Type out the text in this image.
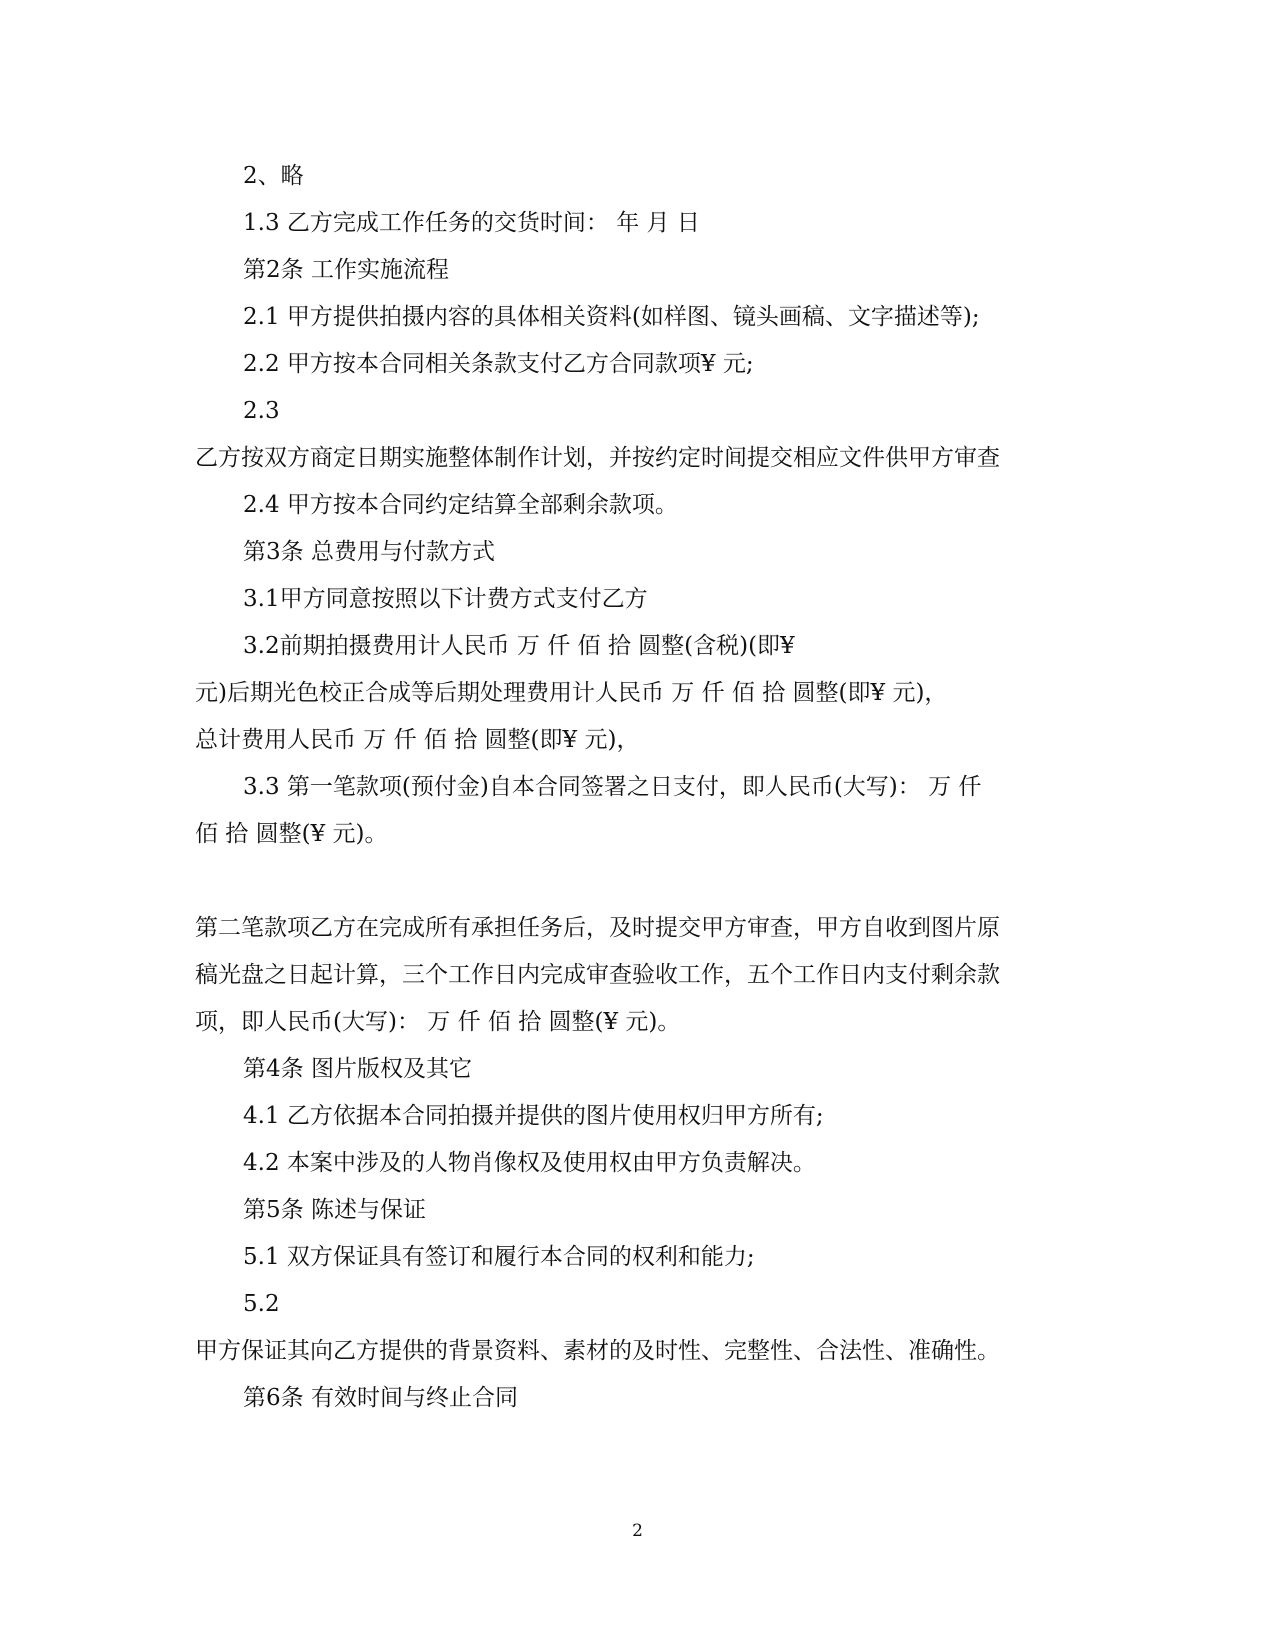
2、略
1.3 乙方完成工作任务的交货时间： 年 月 日
第2条 工作实施流程
2.1 甲方提供拍摄内容的具体相关资料(如样图、镜头画稿、文字描述等);
2.2 甲方按本合同相关条款支付乙方合同款项¥ 元;
2.3
乙方按双方商定日期实施整体制作计划，并按约定时间提交相应文件供甲方审查
2.4 甲方按本合同约定结算全部剩余款项。
第3条 总费用与付款方式
3.1甲方同意按照以下计费方式支付乙方
3.2前期拍摄费用计人民币 万 仟 佰 拾 圆整(含税)(即¥
元)后期光色校正合成等后期处理费用计人民币 万 仟 佰 拾 圆整(即¥ 元)，
总计费用人民币 万 仟 佰 拾 圆整(即¥ 元)，
3.3 第一笔款项(预付金)自本合同签署之日支付，即人民币(大写)： 万 仟
佰 拾 圆整(¥ 元)。
第二笔款项乙方在完成所有承担任务后，及时提交甲方审查，甲方自收到图片原
稿光盘之日起计算，三个工作日内完成审查验收工作，五个工作日内支付剩余款
项，即人民币(大写)： 万 仟 佰 拾 圆整(¥ 元)。
第4条 图片版权及其它
4.1 乙方依据本合同拍摄并提供的图片使用权归甲方所有;
4.2 本案中涉及的人物肖像权及使用权由甲方负责解决。
第5条 陈述与保证
5.1 双方保证具有签订和履行本合同的权利和能力;
5.2
甲方保证其向乙方提供的背景资料、素材的及时性、完整性、合法性、准确性。
第6条 有效时间与终止合同
2
